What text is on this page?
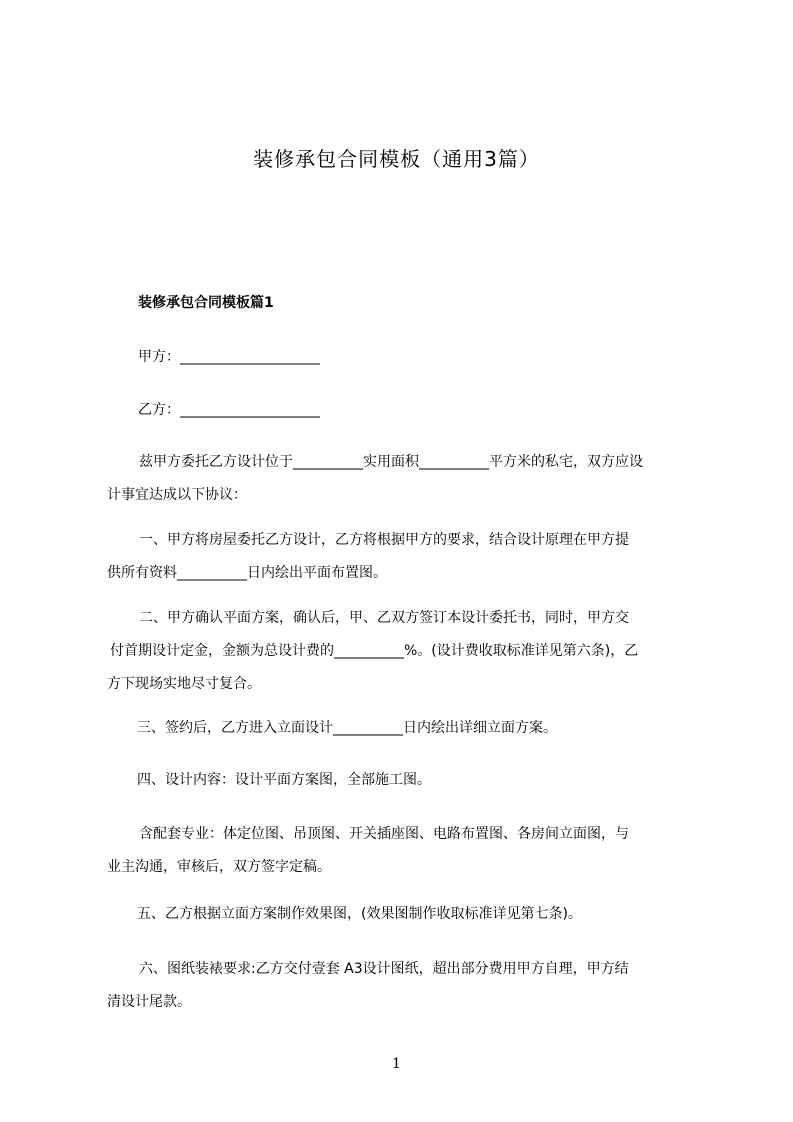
装修承包合同模板（通用3篇）
装修承包合同模板篇1
甲方：____________________
乙方：____________________
兹甲方委托乙方设计位于__________实用面积__________平方米的私宅，双方应设
计事宜达成以下协议：
一、甲方将房屋委托乙方设计，乙方将根据甲方的要求，结合设计原理在甲方提
供所有资料__________日内绘出平面布置图。
二、甲方确认平面方案，确认后，甲、乙双方签订本设计委托书，同时，甲方交
付首期设计定金，金额为总设计费的__________%。(设计费收取标准详见第六条)，乙
方下现场实地尽寸复合。
三、签约后，乙方进入立面设计__________日内绘出详细立面方案。
四、设计内容：设计平面方案图，全部施工图。
含配套专业：体定位图、吊顶图、开关插座图、电路布置图、各房间立面图，与
业主沟通，审核后，双方签字定稿。
五、乙方根据立面方案制作效果图，(效果图制作收取标准详见第七条)。
六、图纸装裱要求:乙方交付壹套 A3设计图纸，超出部分费用甲方自理，甲方结
清设计尾款。
1
